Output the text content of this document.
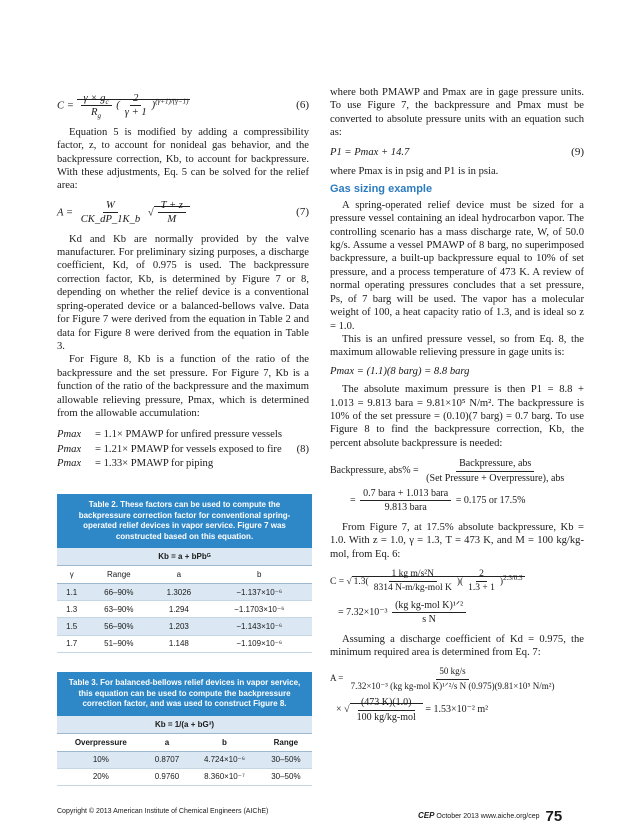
$C = \frac{\gamma \times g_c}{R_g}$ ( $\frac{2}{\gamma + 1} )^{(\gamma+1)/(\gamma-1)}$	(6)

Equation 5 is modified by adding a compressibility factor, z, to account for nonideal gas behavior, and the backpressure correction, Kb, to account for backpressure. With these adjustments, Eq. 5 can be solved for the relief area:

$A = \frac{W}{CK\_dP\_1K\_b}$ √ $\frac{T + z}{M}$	(7)

Kd and Kb are normally provided by the valve manufacturer. For preliminary sizing purposes, a discharge coefficient, Kd, of 0.975 is used. The backpressure correction factor, Kb, is determined by Figure 7 or 8, depending on whether the relief device is a conventional spring-operated device or a balanced-bellows valve. Data for Figure 7 were derived from the equation in Table 2 and data for Figure 8 were derived from the equation in Table 3.

For Figure 8, Kb is a function of the ratio of the backpressure and the set pressure. For Figure 7, Kb is a function of the ratio of the backpressure and the maximum allowable relieving pressure, Pmax, which is determined from the allowable accumulation:

Pmax	= 1.1× PMAWP for unfired pressure vessels
Pmax	= 1.21× PMAWP for vessels exposed to fire	(8)
Pmax	= 1.33× PMAWP for piping
Table 2. These factors can be used to compute the backpressure correction factor for conventional spring-operated relief devices in vapor service. Figure 7 was constructed based on this equation.
Kb = a + bPbᴳ
γ	Range	a	b
1.1	66–90%	1.3026	−1.137×10⁻⁶
1.3	63–90%	1.294	−1.1703×10⁻⁶
1.5	56–90%	1.203	−1.143×10⁻⁶
1.7	51–90%	1.148	−1.109×10⁻⁶
Table 3. For balanced-bellows relief devices in vapor service, this equation can be used to compute the backpressure correction factor, and was used to construct Figure 8.
Kb = 1/(a + bG³)
Overpressure	a	b	Range
10%	0.8707	4.724×10⁻⁶	30–50%
20%	0.9760	8.360×10⁻⁷	30–50%

where both PMAWP and Pmax are in gage pressure units. To use Figure 7, the backpressure and Pmax must be converted to absolute pressure units with an equation such as:

P1 = Pmax + 14.7	(9)

where Pmax is in psig and P1 is in psia.

Gas sizing example

A spring-operated relief device must be sized for a pressure vessel containing an ideal hydrocarbon vapor. The controlling scenario has a mass discharge rate, W, of 50.0 kg/s. Assume a vessel PMAWP of 8 barg, no superimposed backpressure, a built-up backpressure equal to 10% of set pressure, and a process temperature of 473 K. A review of normal operating pressures concludes that a set pressure, Ps, of 7 barg will be used. The vapor has a molecular weight of 100, a heat capacity ratio of 1.3, and is ideal so z = 1.0.

This is an unfired pressure vessel, so from Eq. 8, the maximum allowable relieving pressure in gage units is:

Pmax = (1.1)(8 barg) = 8.8 barg

The absolute maximum pressure is then P1 = 8.8 + 1.013 = 9.813 bara = 9.81×10⁵ N/m². The backpressure is 10% of the set pressure = (0.10)(7 barg) = 0.7 barg. To use Figure 8 to find the backpressure correction, Kb, the percent absolute backpressure is needed:

Backpressure, $abs\% = \frac{\text{Backpressure, abs}}{\text{(Set Pressure + Overpressure), abs}}$
= $\frac{\text{0.7 bara + 1.013 bara}}{\text{9.813 bara}} = 0.175$ or 17.5%

From Figure 7, at 17.5% absolute backpressure, Kb = 1.0. With z = 1.0, γ = 1.3, T = 473 K, and M = 100 kg/kg-mol, from Eq. 6:

C = √ $1.3( \frac{\text{1 kg m/s²N}}{\text{8314 N-m/kg-mol K}}$ )( $\frac{2}{1.3 + 1} )^{2.3/0.3}$
= $7.32\times 10^{-3} \frac{\text{(kg kg-mol K)¹ᐟ²}}{\text{s N}}$

Assuming a discharge coefficient of Kd = 0.975, the minimum required area is determined from Eq. 7:

$A = \frac{50 kg/s}{\text{7.32×10⁻³ (kg kg-mol K)¹ᐟ²/s N (0.975)(9.81×10⁵ N/m²)}}$
× √ $\frac{(473 K)(1.0)}{\text{100 kg/kg-mol}} = 1.53\times 10^{-2}$ m²
Copyright © 2013 American Institute of Chemical Engineers (AIChE)	CEP October 2013 www.aiche.org/cep 75
